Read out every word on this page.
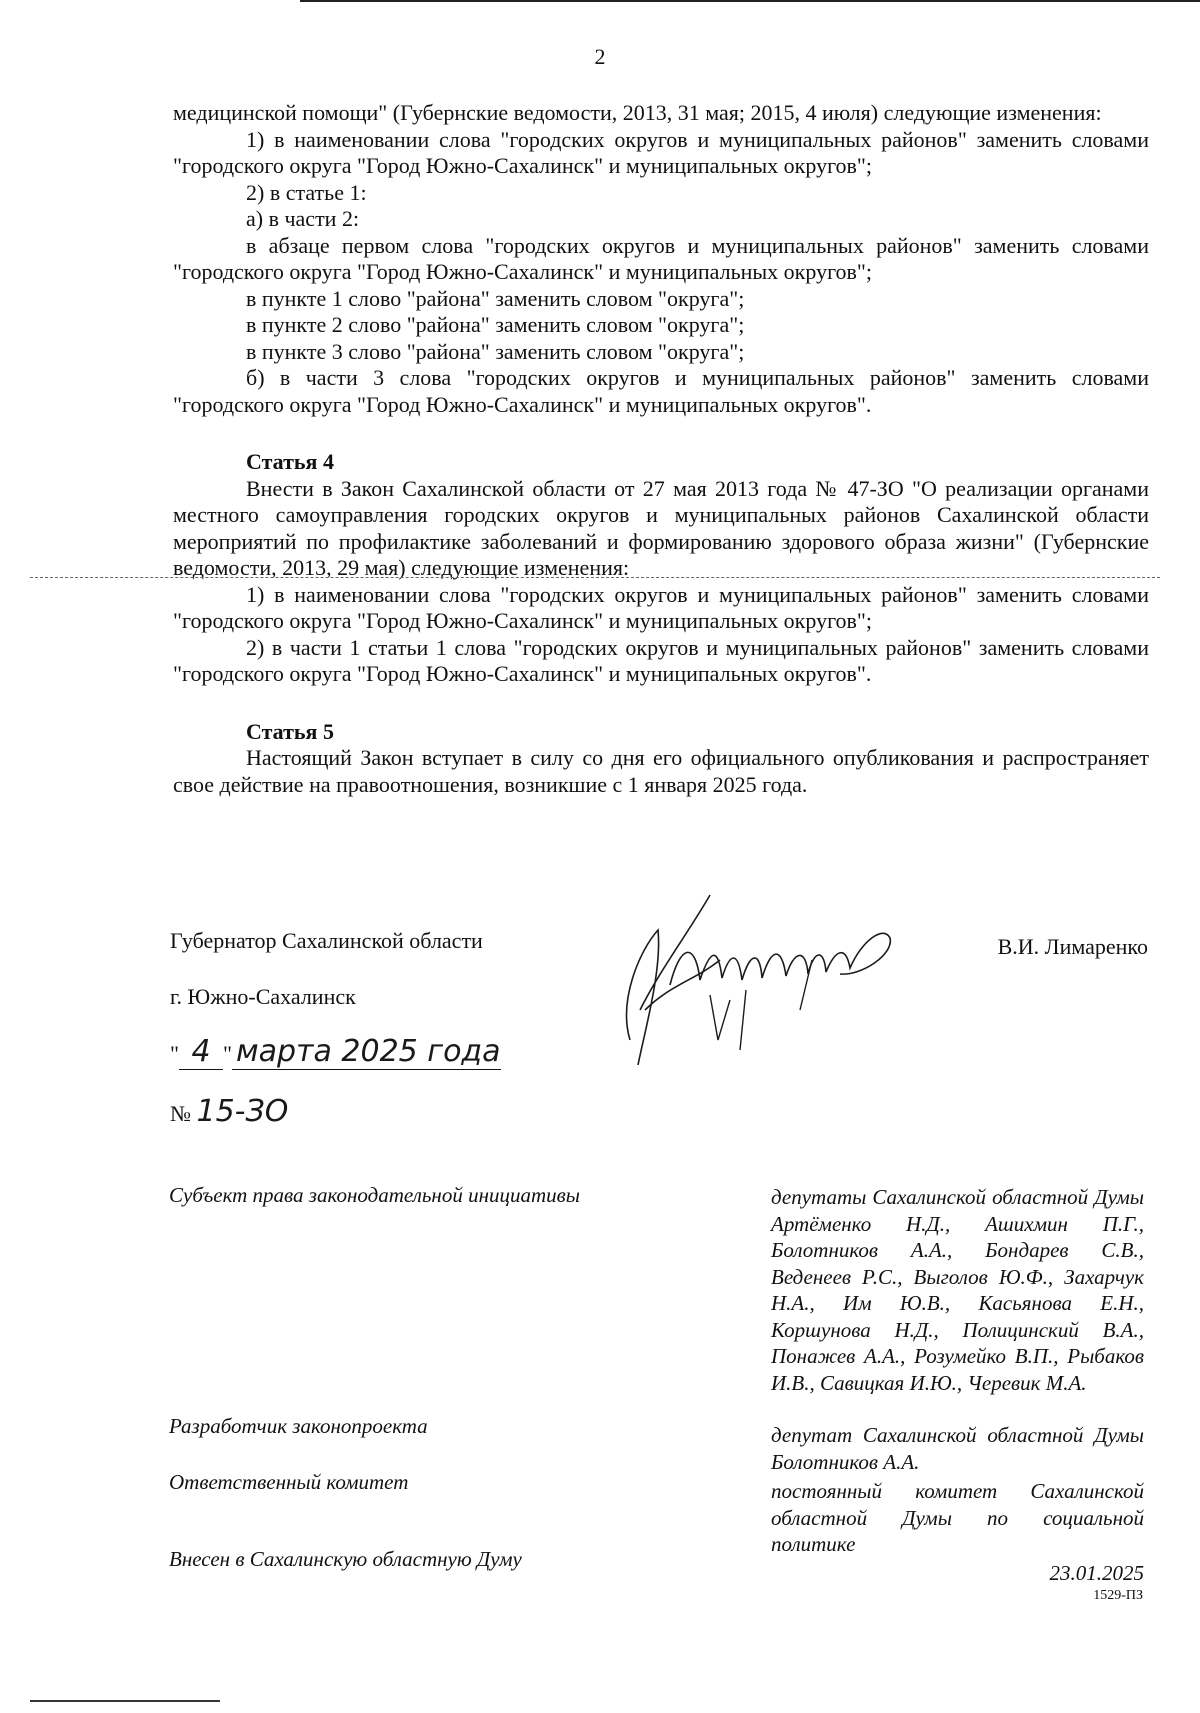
2

медицинской помощи" (Губернские ведомости, 2013, 31 мая; 2015, 4 июля) следующие изменения:

1) в наименовании слова "городских округов и муниципальных районов" заменить словами "городского округа "Город Южно-Сахалинск" и муниципальных округов";

2) в статье 1:

а) в части 2:

в абзаце первом слова "городских округов и муниципальных районов" заменить словами "городского округа "Город Южно-Сахалинск" и муниципальных округов";

в пункте 1 слово "района" заменить словом "округа";

в пункте 2 слово "района" заменить словом "округа";

в пункте 3 слово "района" заменить словом "округа";

б) в части 3 слова "городских округов и муниципальных районов" заменить словами "городского округа "Город Южно-Сахалинск" и муниципальных округов".

Статья 4

Внести в Закон Сахалинской области от 27 мая 2013 года № 47-ЗО "О реализации органами местного самоуправления городских округов и муниципальных районов Сахалинской области мероприятий по профилактике заболеваний и формированию здорового образа жизни" (Губернские ведомости, 2013, 29 мая) следующие изменения:

1) в наименовании слова "городских округов и муниципальных районов" заменить словами "городского округа "Город Южно-Сахалинск" и муниципальных округов";

2) в части 1 статьи 1 слова "городских округов и муниципальных районов" заменить словами "городского округа "Город Южно-Сахалинск" и муниципальных округов".

Статья 5

Настоящий Закон вступает в силу со дня его официального опубликования и распространяет свое действие на правоотношения, возникшие с 1 января 2025 года.

Губернатор Сахалинской области	В.И. Лимаренко
г. Южно-Сахалинск
" 4 " марта 2025 года
№ 15-ЗО
Субъект права законодательной инициативы	депутаты Сахалинской областной Думы Артёменко Н.Д., Ашихмин П.Г., Болотников А.А., Бондарев С.В., Веденеев Р.С., Выголов Ю.Ф., Захарчук Н.А., Им Ю.В., Касьянова Е.Н., Коршунова Н.Д., Полицинский В.А., Понажев А.А., Розумейко В.П., Рыбаков И.В., Савицкая И.Ю., Черевик М.А.
Разработчик законопроекта	депутат Сахалинской областной Думы Болотников А.А.
Ответственный комитет	постоянный комитет Сахалинской областной Думы по социальной политике
Внесен в Сахалинскую областную Думу
23.01.2025
1529-ПЗ
